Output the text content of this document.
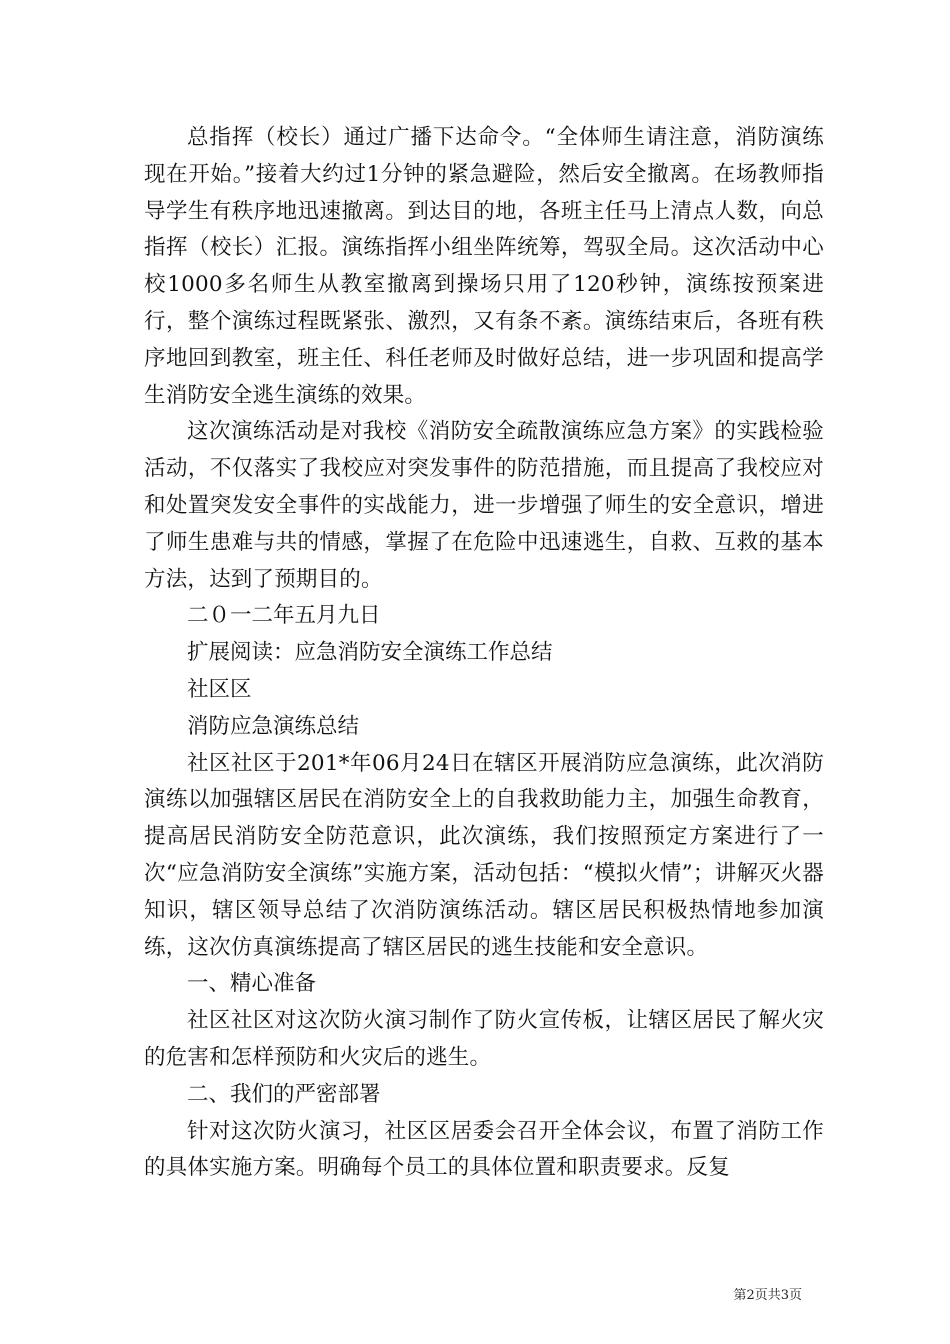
总指挥（校长）通过广播下达命令。“全体师生请注意，消防演练现在开始。”接着大约过1分钟的紧急避险，然后安全撤离。在场教师指导学生有秩序地迅速撤离。到达目的地，各班主任马上清点人数，向总指挥（校长）汇报。演练指挥小组坐阵统筹，驾驭全局。这次活动中心校1000多名师生从教室撤离到操场只用了120秒钟，演练按预案进行，整个演练过程既紧张、激烈，又有条不紊。演练结束后，各班有秩序地回到教室，班主任、科任老师及时做好总结，进一步巩固和提高学生消防安全逃生演练的效果。

这次演练活动是对我校《消防安全疏散演练应急方案》的实践检验活动，不仅落实了我校应对突发事件的防范措施，而且提高了我校应对和处置突发安全事件的实战能力，进一步增强了师生的安全意识，增进了师生患难与共的情感，掌握了在危险中迅速逃生，自救、互救的基本方法，达到了预期目的。

二０一二年五月九日

扩展阅读：应急消防安全演练工作总结

社区区

消防应急演练总结

社区社区于201*年06月24日在辖区开展消防应急演练，此次消防演练以加强辖区居民在消防安全上的自我救助能力主，加强生命教育，提高居民消防安全防范意识，此次演练，我们按照预定方案进行了一次“应急消防安全演练”实施方案，活动包括：“模拟火情”；讲解灭火器知识，辖区领导总结了次消防演练活动。辖区居民积极热情地参加演练，这次仿真演练提高了辖区居民的逃生技能和安全意识。

一、精心准备

社区社区对这次防火演习制作了防火宣传板，让辖区居民了解火灾的危害和怎样预防和火灾后的逃生。

二、我们的严密部署

针对这次防火演习，社区区居委会召开全体会议，布置了消防工作的具体实施方案。明确每个员工的具体位置和职责要求。反复

第2页共3页
